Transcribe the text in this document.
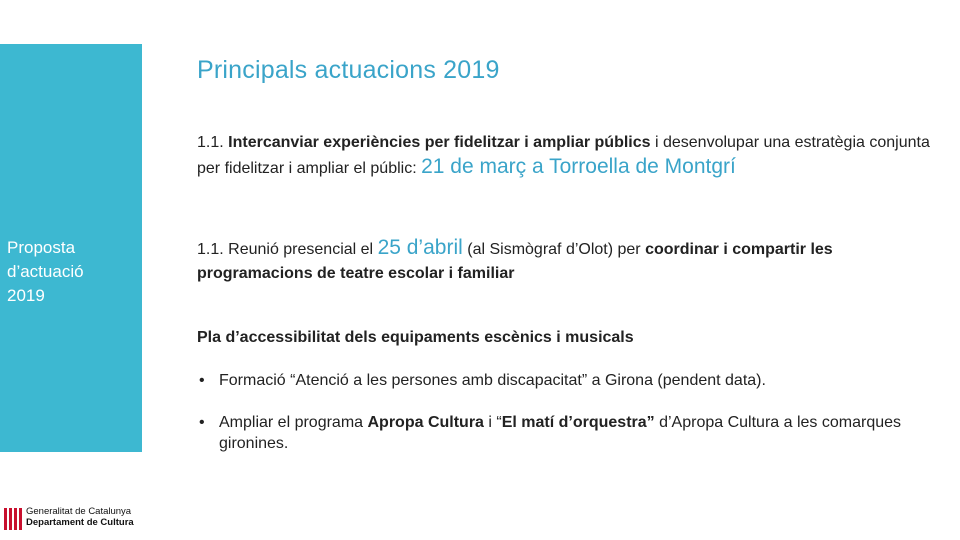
Proposta
d’actuació
2019
Generalitat de Catalunya
Departament de Cultura
Principals actuacions 2019
1.1. Intercanviar experiències per fidelitzar i ampliar públics i desenvolupar una estratègia conjunta per fidelitzar i ampliar el públic: 21 de març a Torroella de Montgrí
1.1. Reunió presencial el 25 d’abril (al Sismògraf d’Olot) per coordinar i compartir les programacions de teatre escolar i familiar
Pla d’accessibilitat dels equipaments escènics i musicals
• Formació “Atenció a les persones amb discapacitat” a Girona (pendent data).
• Ampliar el programa Apropa Cultura i “El matí d’orquestra” d’Apropa Cultura a les comarques gironines.
